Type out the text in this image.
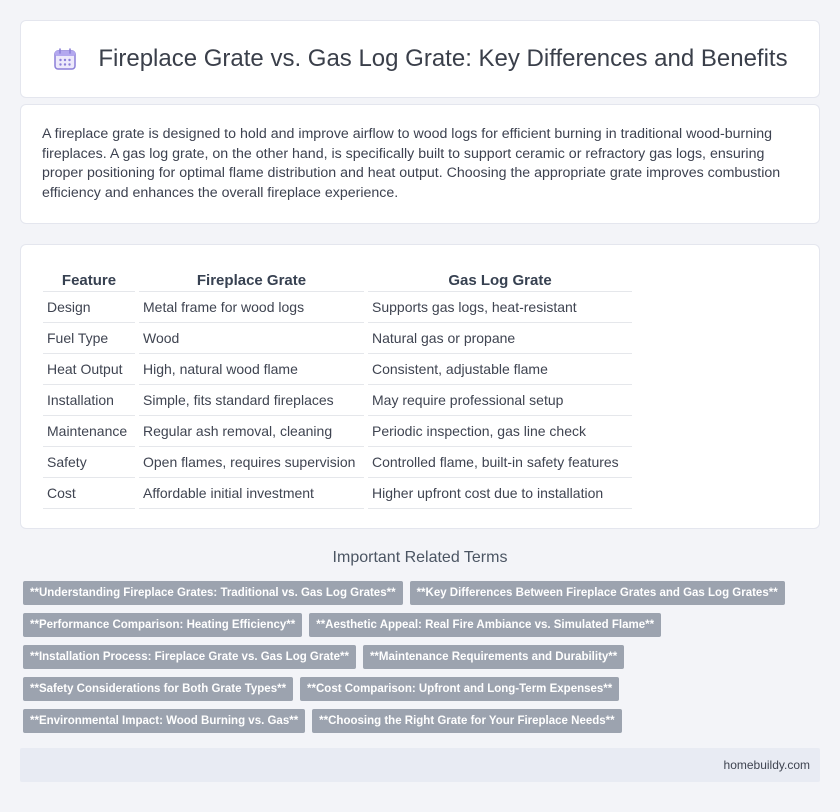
Fireplace Grate vs. Gas Log Grate: Key Differences and Benefits

A fireplace grate is designed to hold and improve airflow to wood logs for efficient burning in traditional wood-burning fireplaces. A gas log grate, on the other hand, is specifically built to support ceramic or refractory gas logs, ensuring proper positioning for optimal flame distribution and heat output. Choosing the appropriate grate improves combustion efficiency and enhances the overall fireplace experience.

Feature	Fireplace Grate	Gas Log Grate
Design	Metal frame for wood logs	Supports gas logs, heat-resistant
Fuel Type	Wood	Natural gas or propane
Heat Output	High, natural wood flame	Consistent, adjustable flame
Installation	Simple, fits standard fireplaces	May require professional setup
Maintenance	Regular ash removal, cleaning	Periodic inspection, gas line check
Safety	Open flames, requires supervision	Controlled flame, built-in safety features
Cost	Affordable initial investment	Higher upfront cost due to installation
Important Related Terms
**Understanding Fireplace Grates: Traditional vs. Gas Log Grates**	**Key Differences Between Fireplace Grates and Gas Log Grates**
**Performance Comparison: Heating Efficiency**	**Aesthetic Appeal: Real Fire Ambiance vs. Simulated Flame**
**Installation Process: Fireplace Grate vs. Gas Log Grate**	**Maintenance Requirements and Durability**
**Safety Considerations for Both Grate Types**	**Cost Comparison: Upfront and Long-Term Expenses**
**Environmental Impact: Wood Burning vs. Gas**	**Choosing the Right Grate for Your Fireplace Needs**
homebuildy.com
